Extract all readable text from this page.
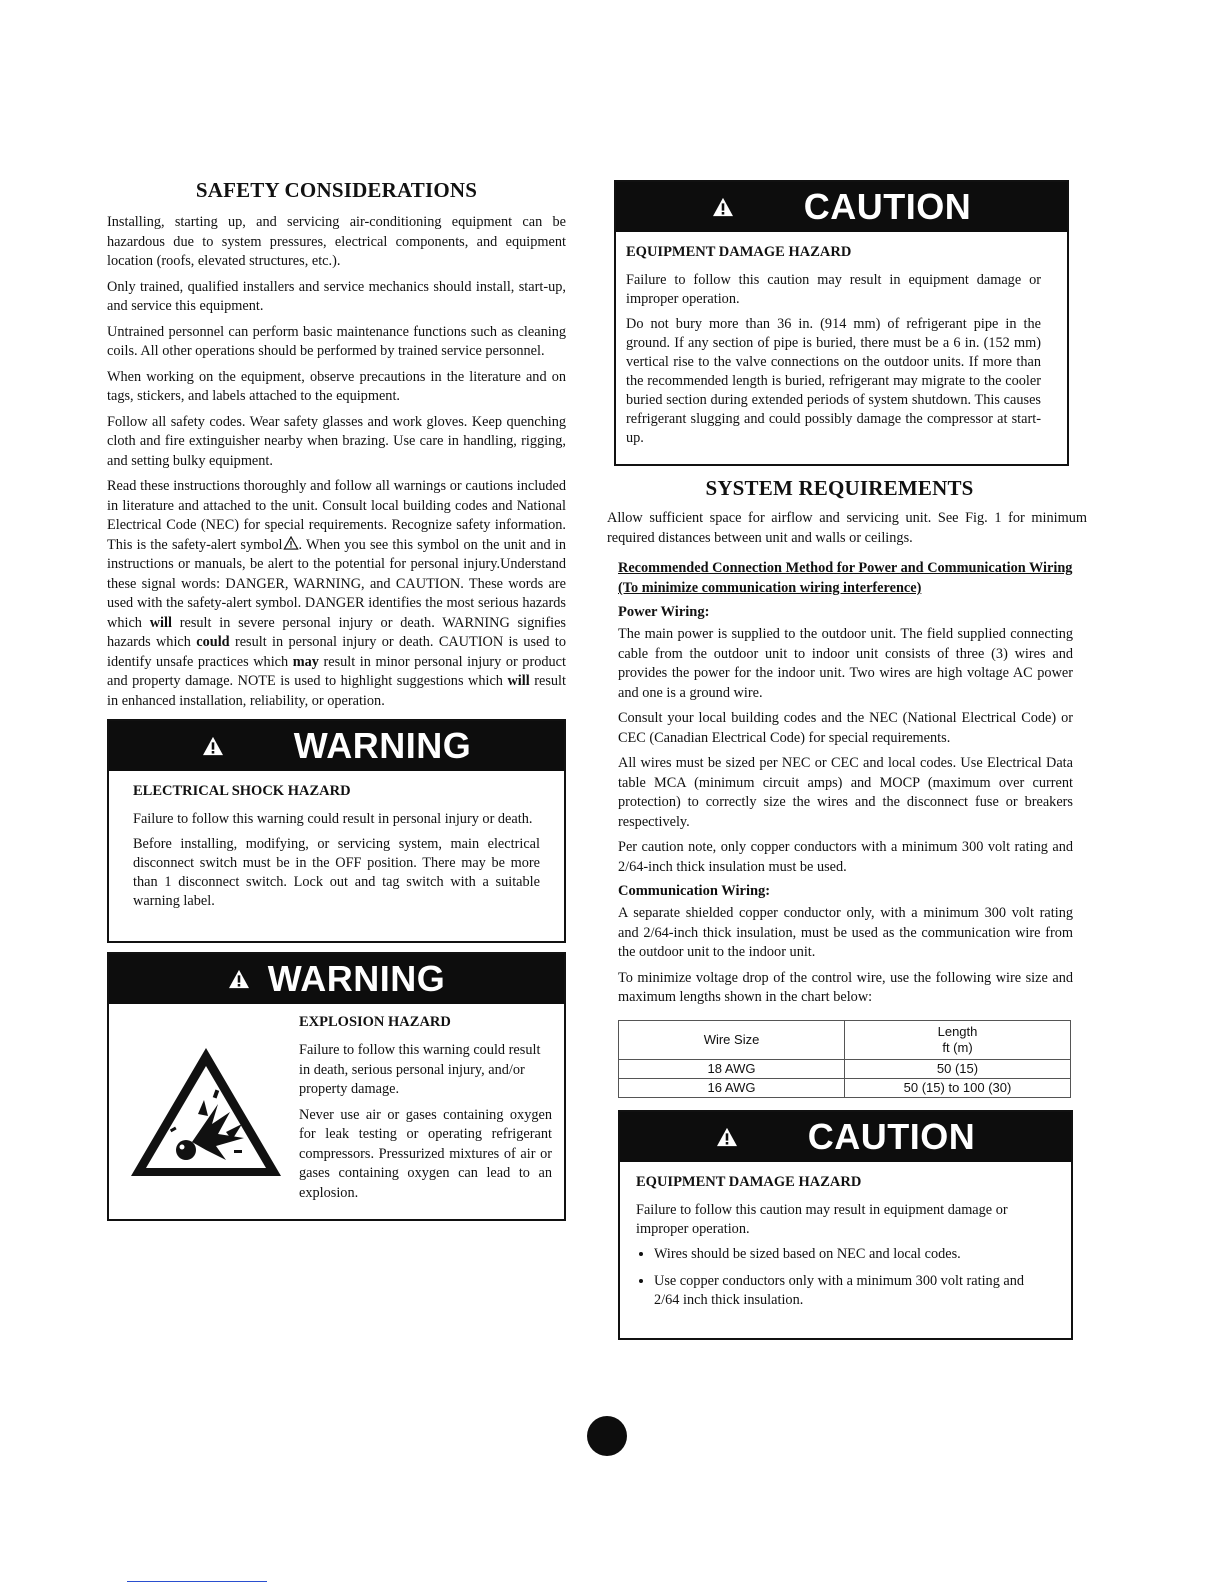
SAFETY CONSIDERATIONS

Installing, starting up, and servicing air-conditioning equipment can be hazardous due to system pressures, electrical components, and equipment location (roofs, elevated structures, etc.).

Only trained, qualified installers and service mechanics should install, start-up, and service this equipment.

Untrained personnel can perform basic maintenance functions such as cleaning coils. All other operations should be performed by trained service personnel.

When working on the equipment, observe precautions in the literature and on tags, stickers, and labels attached to the equipment.

Follow all safety codes. Wear safety glasses and work gloves. Keep quenching cloth and fire extinguisher nearby when brazing. Use care in handling, rigging, and setting bulky equipment.

Read these instructions thoroughly and follow all warnings or cautions included in literature and attached to the unit. Consult local building codes and National Electrical Code (NEC) for special requirements. Recognize safety information. This is the safety-alert symbol . When you see this symbol on the unit and in instructions or manuals, be alert to the potential for personal injury.Understand these signal words: DANGER, WARNING, and CAUTION. These words are used with the safety-alert symbol. DANGER identifies the most serious hazards which will result in severe personal injury or death. WARNING signifies hazards which could result in personal injury or death. CAUTION is used to identify unsafe practices which may result in minor personal injury or product and property damage. NOTE is used to highlight suggestions which will result in enhanced installation, reliability, or operation.

WARNING
ELECTRICAL SHOCK HAZARD

Failure to follow this warning could result in personal injury or death.

Before installing, modifying, or servicing system, main electrical disconnect switch must be in the OFF position. There may be more than 1 disconnect switch. Lock out and tag switch with a suitable warning label.

WARNING
EXPLOSION HAZARD

Failure to follow this warning could result in death, serious personal injury, and/or property damage.

Never use air or gases containing oxygen for leak testing or operating refrigerant compressors. Pressurized mixtures of air or gases containing oxygen can lead to an explosion.

CAUTION
EQUIPMENT DAMAGE HAZARD

Failure to follow this caution may result in equipment damage or improper operation.

Do not bury more than 36 in. (914 mm) of refrigerant pipe in the ground. If any section of pipe is buried, there must be a 6 in. (152 mm) vertical rise to the valve connections on the outdoor units. If more than the recommended length is buried, refrigerant may migrate to the cooler buried section during extended periods of system shutdown. This causes refrigerant slugging and could possibly damage the compressor at start-up.

SYSTEM REQUIREMENTS

Allow sufficient space for airflow and servicing unit. See Fig. 1 for minimum required distances between unit and walls or ceilings.

Recommended Connection Method for Power and Communication Wiring (To minimize communication wiring interference)
Power Wiring:

The main power is supplied to the outdoor unit. The field supplied connecting cable from the outdoor unit to indoor unit consists of three (3) wires and provides the power for the indoor unit. Two wires are high voltage AC power and one is a ground wire.

Consult your local building codes and the NEC (National Electrical Code) or CEC (Canadian Electrical Code) for special requirements.

All wires must be sized per NEC or CEC and local codes. Use Electrical Data table MCA (minimum circuit amps) and MOCP (maximum over current protection) to correctly size the wires and the disconnect fuse or breakers respectively.

Per caution note, only copper conductors with a minimum 300 volt rating and 2/64-inch thick insulation must be used.

Communication Wiring:

A separate shielded copper conductor only, with a minimum 300 volt rating and 2/64-inch thick insulation, must be used as the communication wire from the outdoor unit to the indoor unit.

To minimize voltage drop of the control wire, use the following wire size and maximum lengths shown in the chart below:

Wire Size	Length
ft (m)
18 AWG	50 (15)
16 AWG	50 (15) to 100 (30)
CAUTION
EQUIPMENT DAMAGE HAZARD

Failure to follow this caution may result in equipment damage or improper operation.

• Wires should be sized based on NEC and local codes.
• Use copper conductors only with a minimum 300 volt rating and 2/64 inch thick insulation.
